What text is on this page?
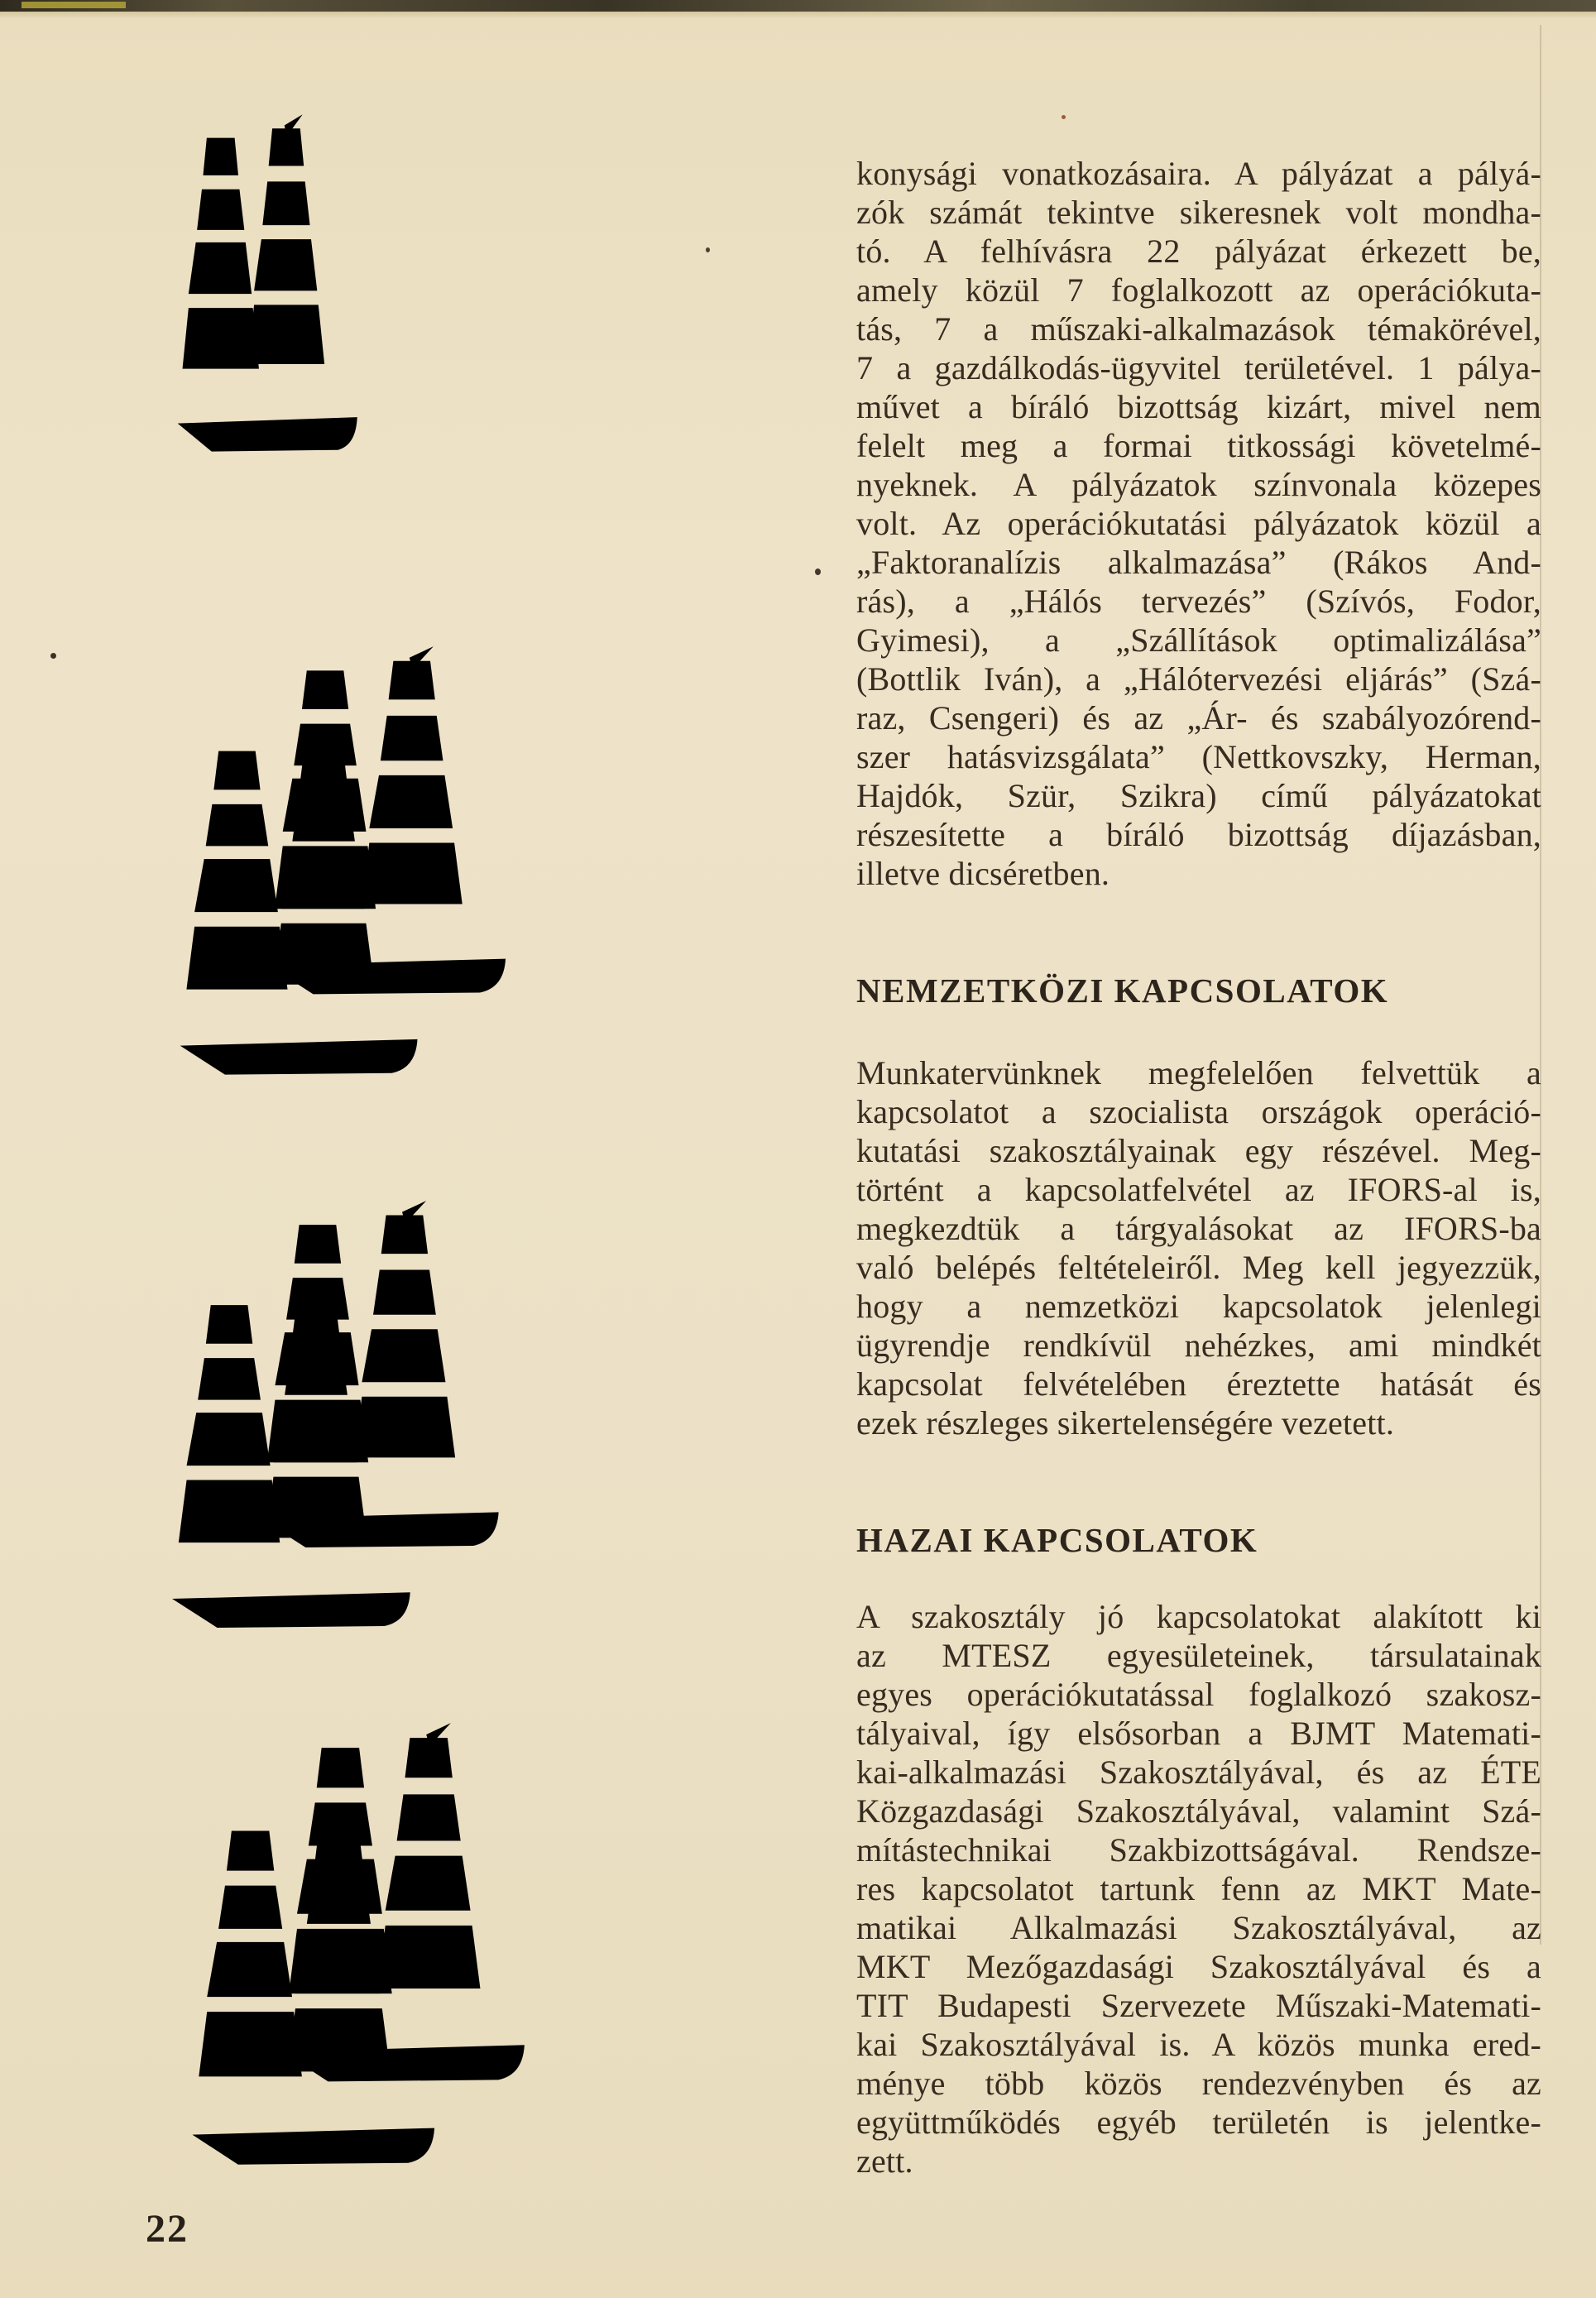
konysági vonatkozásaira. A pályázat a pályá-
zók számát tekintve sikeresnek volt mondha-
tó. A felhívásra 22 pályázat érkezett be,
amely közül 7 foglalkozott az operációkuta-
tás, 7 a műszaki-alkalmazások témakörével,
7 a gazdálkodás-ügyvitel területével. 1 pálya-
művet a bíráló bizottság kizárt, mivel nem
felelt meg a formai titkossági követelmé-
nyeknek. A pályázatok színvonala közepes
volt. Az operációkutatási pályázatok közül a
„Faktoranalízis alkalmazása” (Rákos And-
rás), a „Hálós tervezés” (Szívós, Fodor,
Gyimesi), a „Szállítások optimalizálása”
(Bottlik Iván), a „Hálótervezési eljárás” (Szá-
raz, Csengeri) és az „Ár- és szabályozórend-
szer hatásvizsgálata” (Nettkovszky, Herman,
Hajdók, Szür, Szikra) című pályázatokat
részesítette a bíráló bizottság díjazásban,
illetve dicséretben.
NEMZETKÖZI KAPCSOLATOK
Munkatervünknek megfelelően felvettük a
kapcsolatot a szocialista országok operáció-
kutatási szakosztályainak egy részével. Meg-
történt a kapcsolatfelvétel az IFORS-al is,
megkezdtük a tárgyalásokat az IFORS-ba
való belépés feltételeiről. Meg kell jegyezzük,
hogy a nemzetközi kapcsolatok jelenlegi
ügyrendje rendkívül nehézkes, ami mindkét
kapcsolat felvételében éreztette hatását és
ezek részleges sikertelenségére vezetett.
HAZAI KAPCSOLATOK
A szakosztály jó kapcsolatokat alakított ki
az MTESZ egyesületeinek, társulatainak
egyes operációkutatással foglalkozó szakosz-
tályaival, így elsősorban a BJMT Matemati-
kai-alkalmazási Szakosztályával, és az ÉTE
Közgazdasági Szakosztályával, valamint Szá-
mítástechnikai Szakbizottságával. Rendsze-
res kapcsolatot tartunk fenn az MKT Mate-
matikai Alkalmazási Szakosztályával, az
MKT Mezőgazdasági Szakosztályával és a
TIT Budapesti Szervezete Műszaki-Matemati-
kai Szakosztályával is. A közös munka ered-
ménye több közös rendezvényben és az
együttműködés egyéb területén is jelentke-
zett.
22
